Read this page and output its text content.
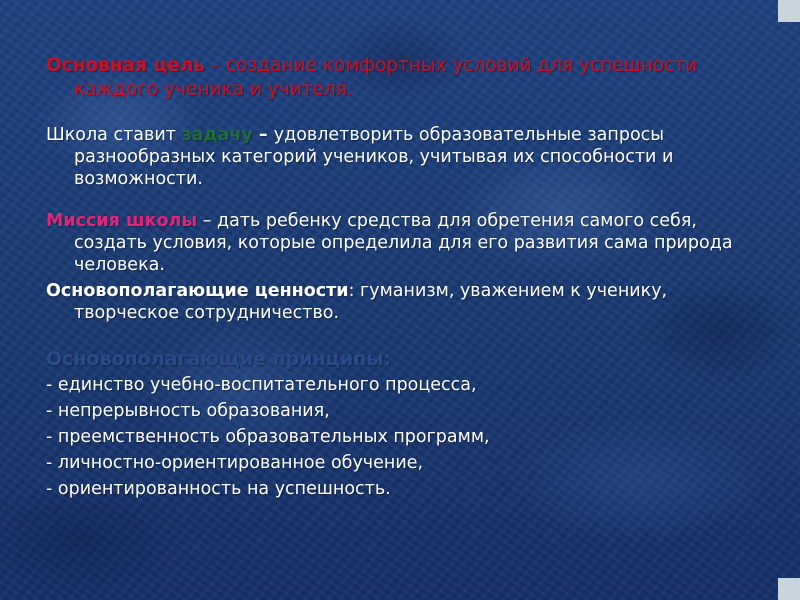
Основная цель – создание комфортных условий для успешности каждого ученика и учителя.

Школа ставит задачу – удовлетворить образовательные запросы разнообразных категорий учеников, учитывая их способности и возможности.

Миссия школы – дать ребенку средства для обретения самого себя, создать условия, которые определила для его развития сама природа человека.

Основополагающие ценности: гуманизм, уважением к ученику, творческое сотрудничество.

Основополагающие принципы:

- единство учебно-воспитательного процесса,

- непрерывность образования,

- преемственность образовательных программ,

- личностно-ориентированное обучение,

- ориентированность на успешность.
